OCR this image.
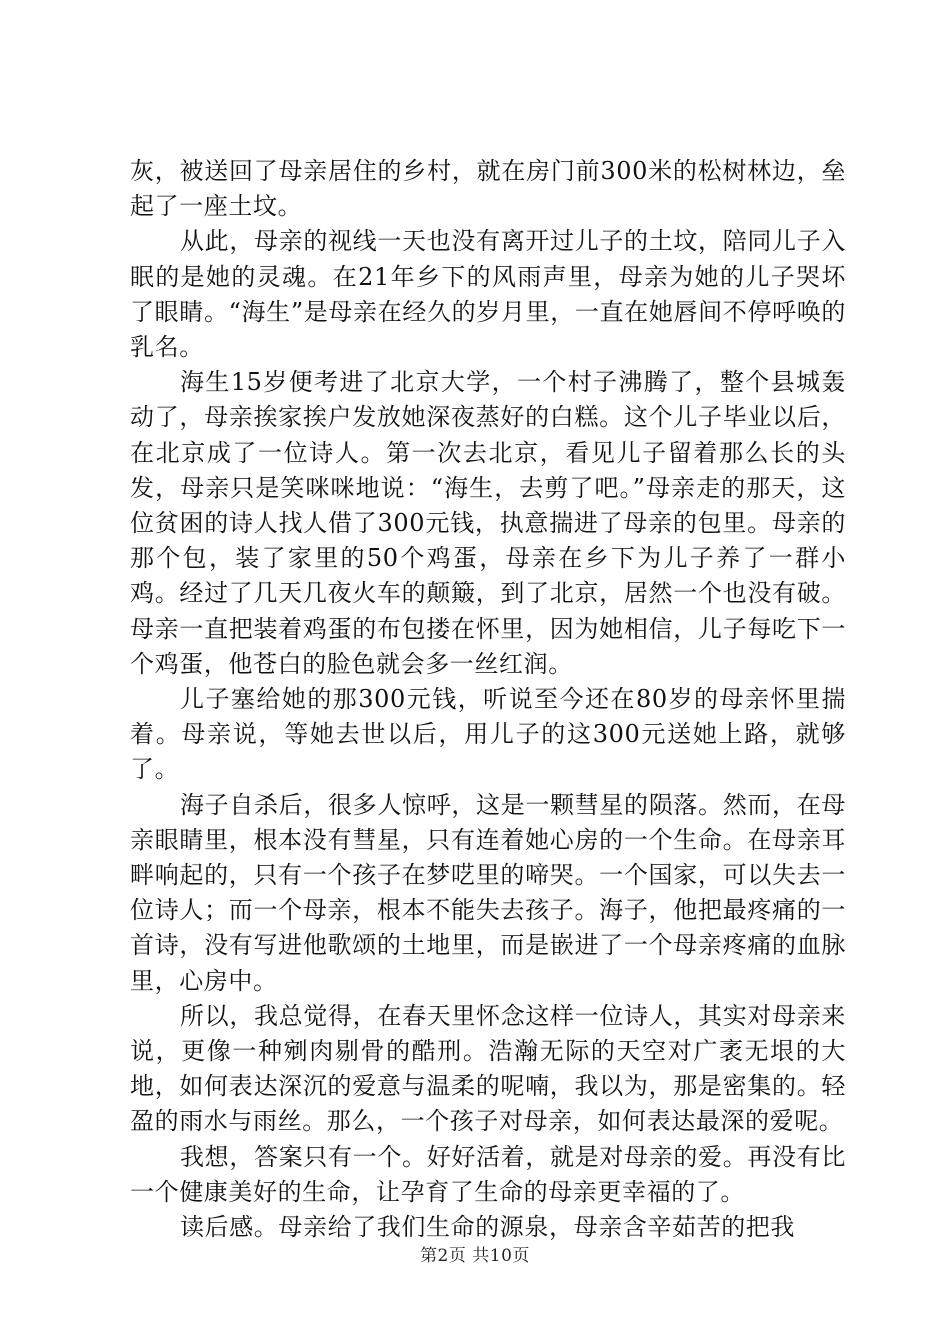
灰，被送回了母亲居住的乡村，就在房门前300米的松树林边，垒起了一座土坟。

从此，母亲的视线一天也没有离开过儿子的土坟，陪同儿子入眠的是她的灵魂。在21年乡下的风雨声里，母亲为她的儿子哭坏了眼睛。“海生”是母亲在经久的岁月里，一直在她唇间不停呼唤的乳名。

海生15岁便考进了北京大学，一个村子沸腾了，整个县城轰动了，母亲挨家挨户发放她深夜蒸好的白糕。这个儿子毕业以后，在北京成了一位诗人。第一次去北京，看见儿子留着那么长的头发，母亲只是笑咪咪地说：“海生，去剪了吧。”母亲走的那天，这位贫困的诗人找人借了300元钱，执意揣进了母亲的包里。母亲的那个包，装了家里的50个鸡蛋，母亲在乡下为儿子养了一群小鸡。经过了几天几夜火车的颠簸，到了北京，居然一个也没有破。母亲一直把装着鸡蛋的布包搂在怀里，因为她相信，儿子每吃下一个鸡蛋，他苍白的脸色就会多一丝红润。

儿子塞给她的那300元钱，听说至今还在80岁的母亲怀里揣着。母亲说，等她去世以后，用儿子的这300元送她上路，就够了。

海子自杀后，很多人惊呼，这是一颗彗星的陨落。然而，在母亲眼睛里，根本没有彗星，只有连着她心房的一个生命。在母亲耳畔响起的，只有一个孩子在梦呓里的啼哭。一个国家，可以失去一位诗人；而一个母亲，根本不能失去孩子。海子，他把最疼痛的一首诗，没有写进他歌颂的土地里，而是嵌进了一个母亲疼痛的血脉里，心房中。

所以，我总觉得，在春天里怀念这样一位诗人，其实对母亲来说，更像一种剜肉剔骨的酷刑。浩瀚无际的天空对广袤无垠的大地，如何表达深沉的爱意与温柔的呢喃，我以为，那是密集的。轻盈的雨水与雨丝。那么，一个孩子对母亲，如何表达最深的爱呢。

我想，答案只有一个。好好活着，就是对母亲的爱。再没有比一个健康美好的生命，让孕育了生命的母亲更幸福的了。

读后感。母亲给了我们生命的源泉，母亲含辛茹苦的把我

第2页 共10页
